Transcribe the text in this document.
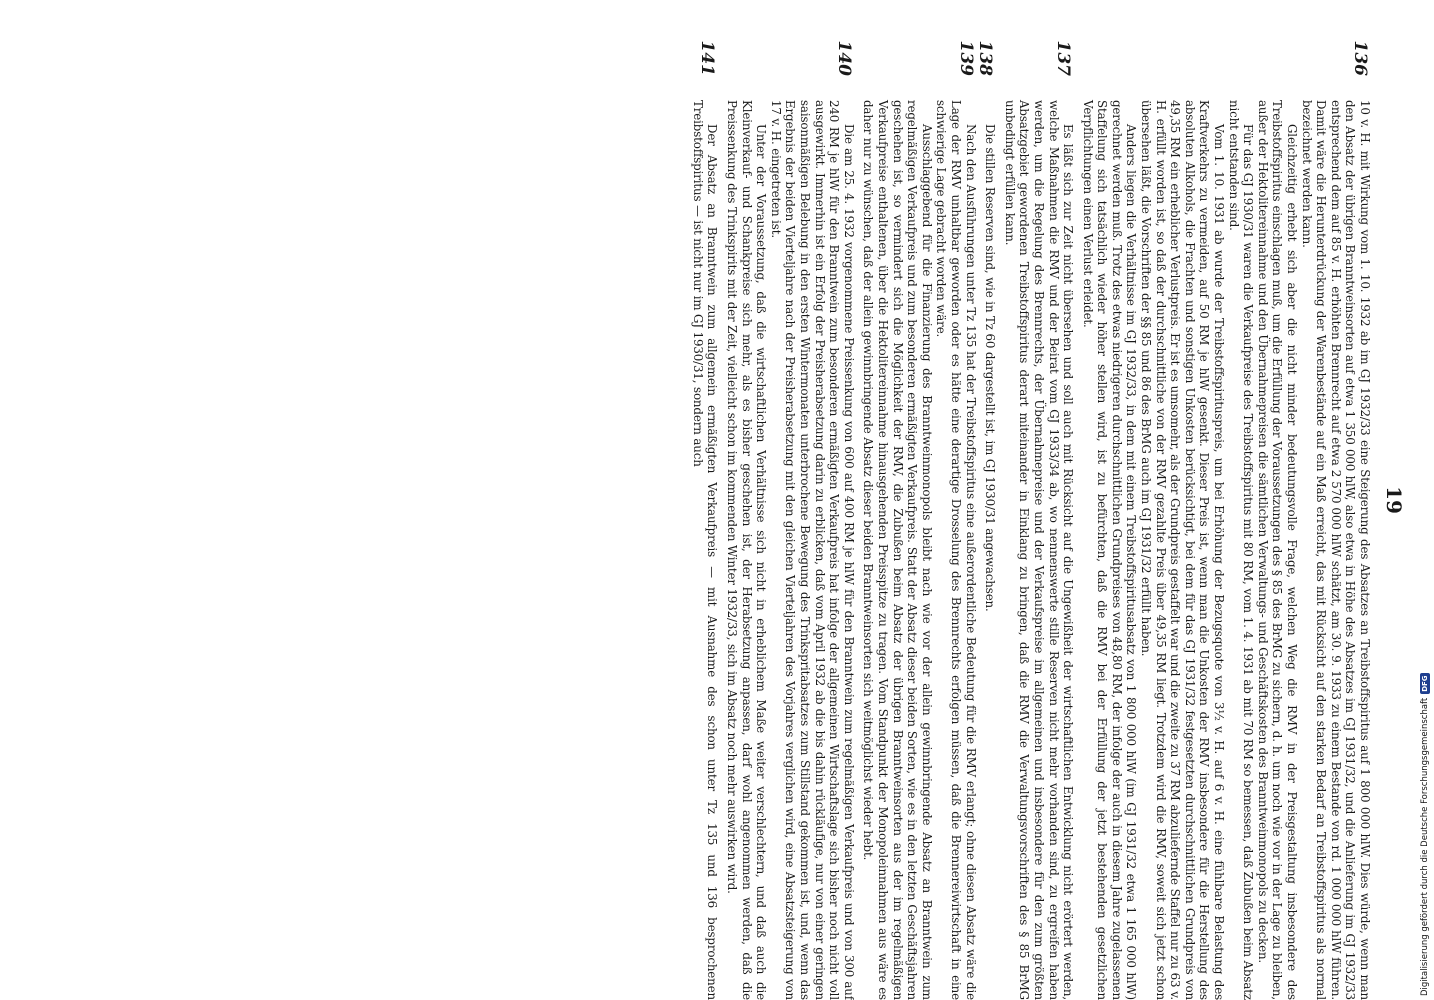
19
136

10 v. H. mit Wirkung vom 1. 10. 1932 ab im GJ 1932/33 eine Steigerung des Absatzes an Treibstoffspiritus auf 1 800 000 hlW. Dies würde, wenn man den Absatz der übrigen Branntweinsorten auf etwa 1 350 000 hlW, also etwa in Höhe des Absatzes im GJ 1931/32, und die Anlieferung im GJ 1932/33 entsprechend dem auf 85 v. H. erhöhten Brennrecht auf etwa 2 570 000 hlW schätzt, am 30. 9. 1933 zu einem Bestande von rd. 1 000 000 hlW führen. Damit wäre die Herunterdrückung der Warenbestände auf ein Maß erreicht, das mit Rücksicht auf den starken Bedarf an Treibstoffspiritus als normal bezeichnet werden kann.

Gleichzeitig erhebt sich aber die nicht minder bedeutungsvolle Frage, welchen Weg die RMV in der Preisgestaltung insbesondere des Treibstoffspiritus einschlagen muß, um die Erfüllung der Voraussetzungen des § 85 des BrMG zu sichern, d. h. um noch wie vor in der Lage zu bleiben, außer der Hektolitereinnahme und den Übernahmepreisen die sämtlichen Verwaltungs- und Geschäftskosten des Branntweinmonopols zu decken.

Für das GJ 1930/31 waren die Verkaufpreise des Treibstoffspiritus mit 80 RM, vom 1. 4. 1931 ab mit 70 RM so bemessen, daß Zubußen beim Absatz nicht entstanden sind.

Vom 1. 10. 1931 ab wurde der Treibstoffspirituspreis, um bei Erhöhung der Bezugsquote von 3½ v. H. auf 6 v. H. eine fühlbare Belastung des Kraftverkehrs zu vermeiden, auf 50 RM je hlW gesenkt. Dieser Preis ist, wenn man die Unkosten der RMV insbesondere für die Herstellung des absoluten Alkohols, die Frachten und sonstigen Unkosten berücksichtigt, bei dem für das GJ 1931/32 festgesetzten durchschnittlichen Grundpreis von 49,35 RM ein erheblicher Verlustpreis. Er ist es umsomehr, als der Grundpreis gestaffelt war und die zweite zu 37 RM abzuliefernde Staffel nur zu 63 v. H. erfüllt worden ist, so daß der durchschnittliche von der RMV gezahlte Preis über 49,35 RM liegt. Trotzdem wird die RMV, soweit sich jetzt schon übersehen läßt, die Vorschriften der §§ 85 und 86 des BrMG auch im GJ 1931/32 erfüllt haben.

Anders liegen die Verhältnisse im GJ 1932/33, in dem mit einem Treibstoffspiritusabsatz von 1 800 000 hlW (im GJ 1931/32 etwa 1 165 000 hlW) gerechnet werden muß. Trotz des etwas niedrigeren durchschnittlichen Grundpreises von 48,80 RM, der infolge der auch in diesem Jahre zugelassenen Staffelung sich tatsächlich wieder höher stellen wird, ist zu befürchten, daß die RMV bei der Erfüllung der jetzt bestehenden gesetzlichen Verpflichtungen einen Verlust erleidet.

137

Es läßt sich zur Zeit nicht übersehen und soll auch mit Rücksicht auf die Ungewißheit der wirtschaftlichen Entwicklung nicht erörtert werden, welche Maßnahmen die RMV und der Beirat vom GJ 1933/34 ab, wo nennenswerte stille Reserven nicht mehr vorhanden sind, zu ergreifen haben werden, um die Regelung des Brennrechts, der Übernahmepreise und der Verkaufspreise im allgemeinen und insbesondere für den zum größten Absatzgebiet gewordenen Treibstoffspiritus derart miteinander in Einklang zu bringen, daß die RMV die Verwaltungsvorschriften des § 85 BrMG unbedingt erfüllen kann.

138

Die stillen Reserven sind, wie in Tz 60 dargestellt ist, im GJ 1930/31 angewachsen.

139

Nach den Ausführungen unter Tz 135 hat der Treibstoffspiritus eine außerordentliche Bedeutung für die RMV erlangt; ohne diesen Absatz wäre die Lage der RMV unhaltbar geworden oder es hätte eine derartige Drosselung des Brennrechts erfolgen müssen, daß die Brennereiwirtschaft in eine schwierige Lage gebracht worden wäre.

Ausschlaggebend für die Finanzierung des Branntweinmonopols bleibt nach wie vor der allein gewinnbringende Absatz an Branntwein zum regelmäßigen Verkaufpreis und zum besonderen ermäßigten Verkaufpreis. Statt der Absatz dieser beiden Sorten, wie es in den letzten Geschäftsjahren geschehen ist, so vermindert sich die Möglichkeit der RMV, die Zubußen beim Absatz der übrigen Branntweinsorten aus der im regelmäßigen Verkaufpreise enthaltenen, über die Hektolitereinnahme hinausgehenden Preisspitze zu tragen. Vom Standpunkt der Monopoleinnahmen aus wäre es daher nur zu wünschen, daß der allein gewinnbringende Absatz dieser beiden Branntweinsorten sich weitmöglichst wieder hebt.

140

Die am 25. 4. 1932 vorgenommene Preissenkung von 600 auf 400 RM je hlW für den Branntwein zum regelmäßigen Verkaufpreis und von 300 auf 240 RM je hlW für den Branntwein zum besonderen ermäßigten Verkaufpreis hat infolge der allgemeinen Wirtschaftslage sich bisher noch nicht voll ausgewirkt. Immerhin ist ein Erfolg der Preisherabsetzung darin zu erblicken, daß vom April 1932 ab die bis dahin rückläufige, nur von einer geringen saisonmäßigen Belebung in den ersten Wintermonaten unterbrochene Bewegung des Trinkspritabsatzes zum Stillstand gekommen ist, und, wenn das Ergebnis der beiden Vierteljahre nach der Preisherabsetzung mit den gleichen Vierteljahren des Vorjahres verglichen wird, eine Absatzsteigerung von 17 v. H. eingetreten ist.

Unter der Voraussetzung, daß die wirtschaftlichen Verhältnisse sich nicht in erheblichem Maße weiter verschlechtern, und daß auch die Kleinverkauf- und Schankpreise sich mehr, als es bisher geschehen ist, der Herabsetzung anpassen, darf wohl angenommen werden, daß die Preissenkung des Trinkspirits mit der Zeit, vielleicht schon im kommenden Winter 1932/33, sich im Absatz noch mehr auswirken wird.

141

Der Absatz an Branntwein zum allgemein ermäßigten Verkaufpreis — mit Ausnahme des schon unter Tz 135 und 136 besprochenen Treibstoffspiritus — ist nicht nur im GJ 1930/31, sondern auch

Digitalisierung gefördert durch die Deutsche Forschungsgemeinschaft
DFG
